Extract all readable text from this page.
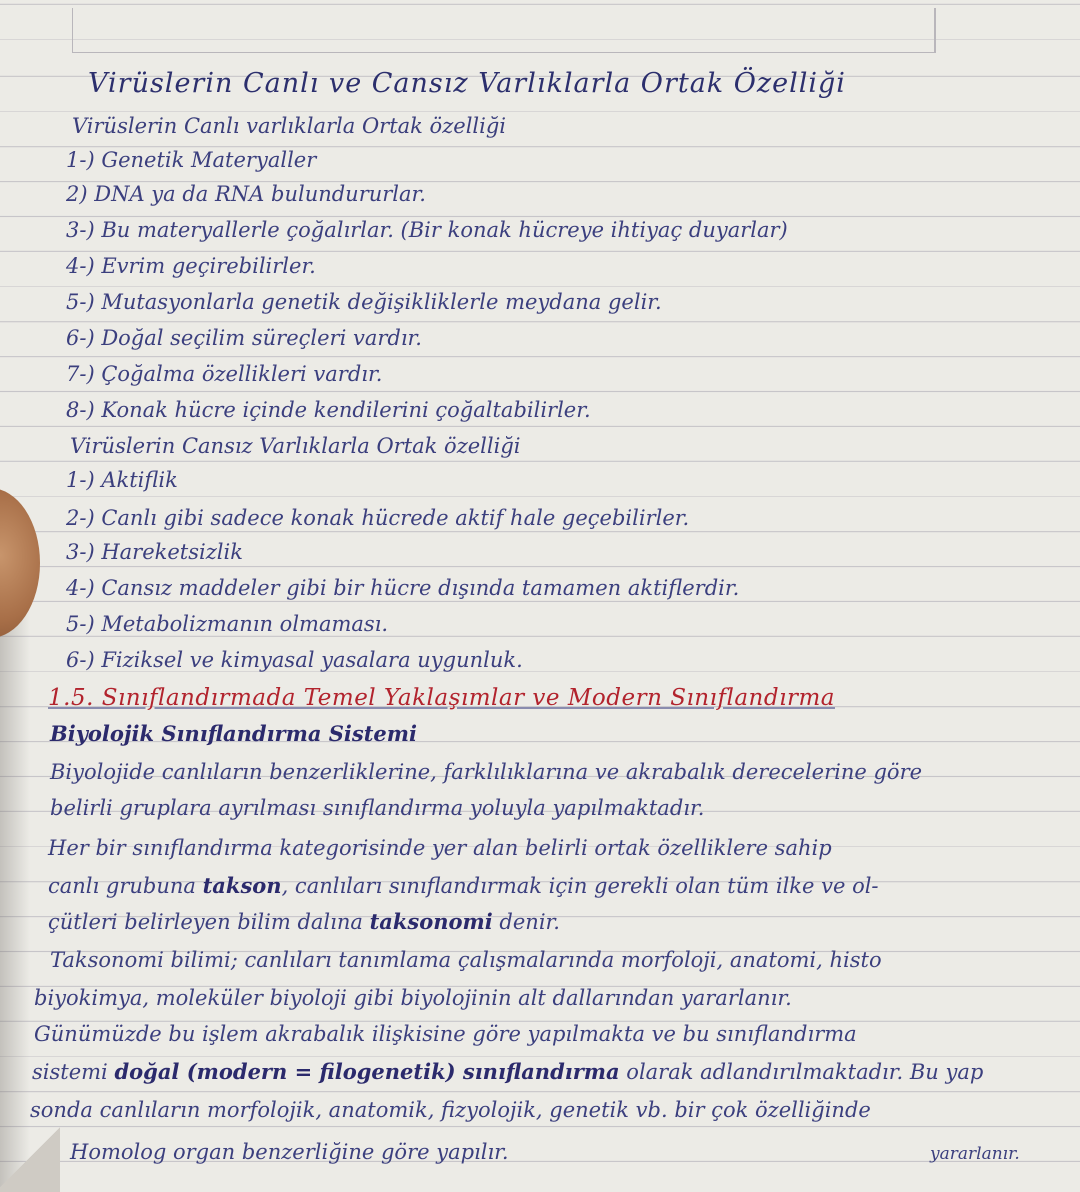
Virüslerin Canlı ve Cansız Varlıklarla Ortak Özelliği
Virüslerin Canlı varlıklarla Ortak özelliği
1-) Genetik Materyaller
2) DNA ya da RNA bulundururlar.
3-) Bu materyallerle çoğalırlar. (Bir konak hücreye ihtiyaç duyarlar)
4-) Evrim geçirebilirler.
5-) Mutasyonlarla genetik değişikliklerle meydana gelir.
6-) Doğal seçilim süreçleri vardır.
7-) Çoğalma özellikleri vardır.
8-) Konak hücre içinde kendilerini çoğaltabilirler.
Virüslerin Cansız Varlıklarla Ortak özelliği
1-) Aktiflik
2-) Canlı gibi sadece konak hücrede aktif hale geçebilirler.
3-) Hareketsizlik
4-) Cansız maddeler gibi bir hücre dışında tamamen aktiflerdir.
5-) Metabolizmanın olmaması.
6-) Fiziksel ve kimyasal yasalara uygunluk.
1.5. Sınıflandırmada Temel Yaklaşımlar ve Modern Sınıflandırma
Biyolojik Sınıflandırma Sistemi
Biyolojide canlıların benzerliklerine, farklılıklarına ve akrabalık derecelerine göre
belirli gruplara ayrılması sınıflandırma yoluyla yapılmaktadır.
Her bir sınıflandırma kategorisinde yer alan belirli ortak özelliklere sahip
canlı grubuna takson, canlıları sınıflandırmak için gerekli olan tüm ilke ve ol-
çütleri belirleyen bilim dalına taksonomi denir.
Taksonomi bilimi; canlıları tanımlama çalışmalarında morfoloji, anatomi, histo
biyokimya, moleküler biyoloji gibi biyolojinin alt dallarından yararlanır.
Günümüzde bu işlem akrabalık ilişkisine göre yapılmakta ve bu sınıflandırma
sistemi doğal (modern = filogenetik) sınıflandırma olarak adlandırılmaktadır. Bu yap
sonda canlıların morfolojik, anatomik, fizyolojik, genetik vb. bir çok özelliğinde
Homolog organ benzerliğine göre yapılır.	yararlanır.
